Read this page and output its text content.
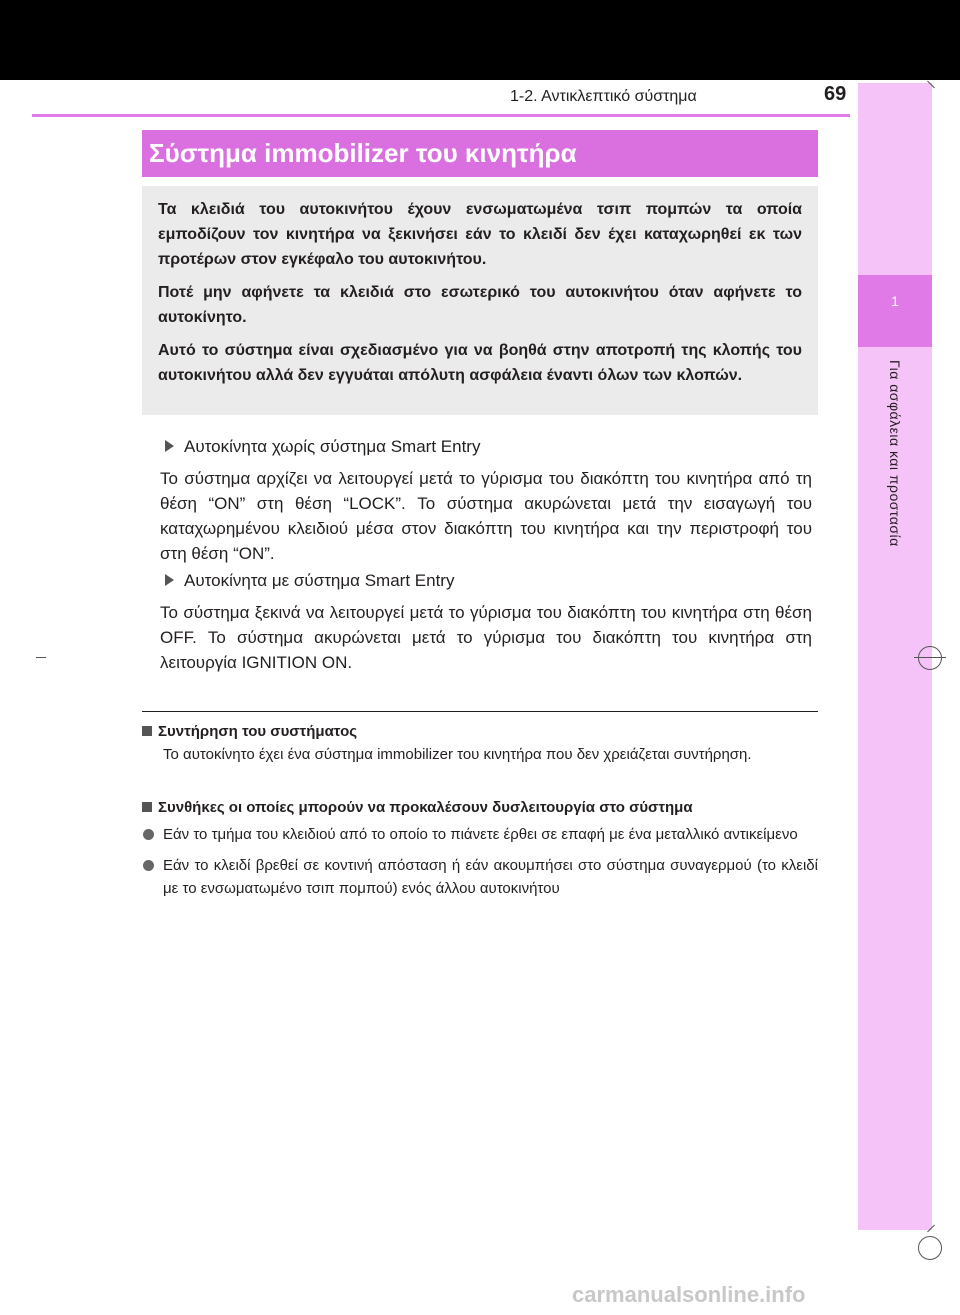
1-2. Αντικλεπτικό σύστημα	69
1
Για ασφάλεια και προστασία
Σύστημα immobilizer του κινητήρα

Τα κλειδιά του αυτοκινήτου έχουν ενσωματωμένα τσιπ πομπών τα οποία εμποδίζουν τον κινητήρα να ξεκινήσει εάν το κλειδί δεν έχει καταχωρηθεί εκ των προτέρων στον εγκέφαλο του αυτοκινήτου.

Ποτέ μην αφήνετε τα κλειδιά στο εσωτερικό του αυτοκινήτου όταν αφήνετε το αυτοκίνητο.

Αυτό το σύστημα είναι σχεδιασμένο για να βοηθά στην αποτροπή της κλοπής του αυτοκινήτου αλλά δεν εγγυάται απόλυτη ασφάλεια έναντι όλων των κλοπών.

Αυτοκίνητα χωρίς σύστημα Smart Entry

Το σύστημα αρχίζει να λειτουργεί μετά το γύρισμα του διακόπτη του κινητήρα από τη θέση “ON” στη θέση “LOCK”. Το σύστημα ακυρώνεται μετά την εισαγωγή του καταχωρημένου κλειδιού μέσα στον διακόπτη του κινητήρα και την περιστροφή του στη θέση “ON”.

Αυτοκίνητα με σύστημα Smart Entry

Το σύστημα ξεκινά να λειτουργεί μετά το γύρισμα του διακόπτη του κινητήρα στη θέση OFF. Το σύστημα ακυρώνεται μετά το γύρισμα του διακόπτη του κινητήρα στη λειτουργία IGNITION ON.

Συντήρηση του συστήματος
Το αυτοκίνητο έχει ένα σύστημα immobilizer του κινητήρα που δεν χρειάζεται συντήρηση.
Συνθήκες οι οποίες μπορούν να προκαλέσουν δυσλειτουργία στο σύστημα
Εάν το τμήμα του κλειδιού από το οποίο το πιάνετε έρθει σε επαφή με ένα μεταλλικό αντικείμενο
Εάν το κλειδί βρεθεί σε κοντινή απόσταση ή εάν ακουμπήσει στο σύστημα συναγερμού (το κλειδί με το ενσωματωμένο τσιπ πομπού) ενός άλλου αυτοκινήτου
carmanualsonline.info
